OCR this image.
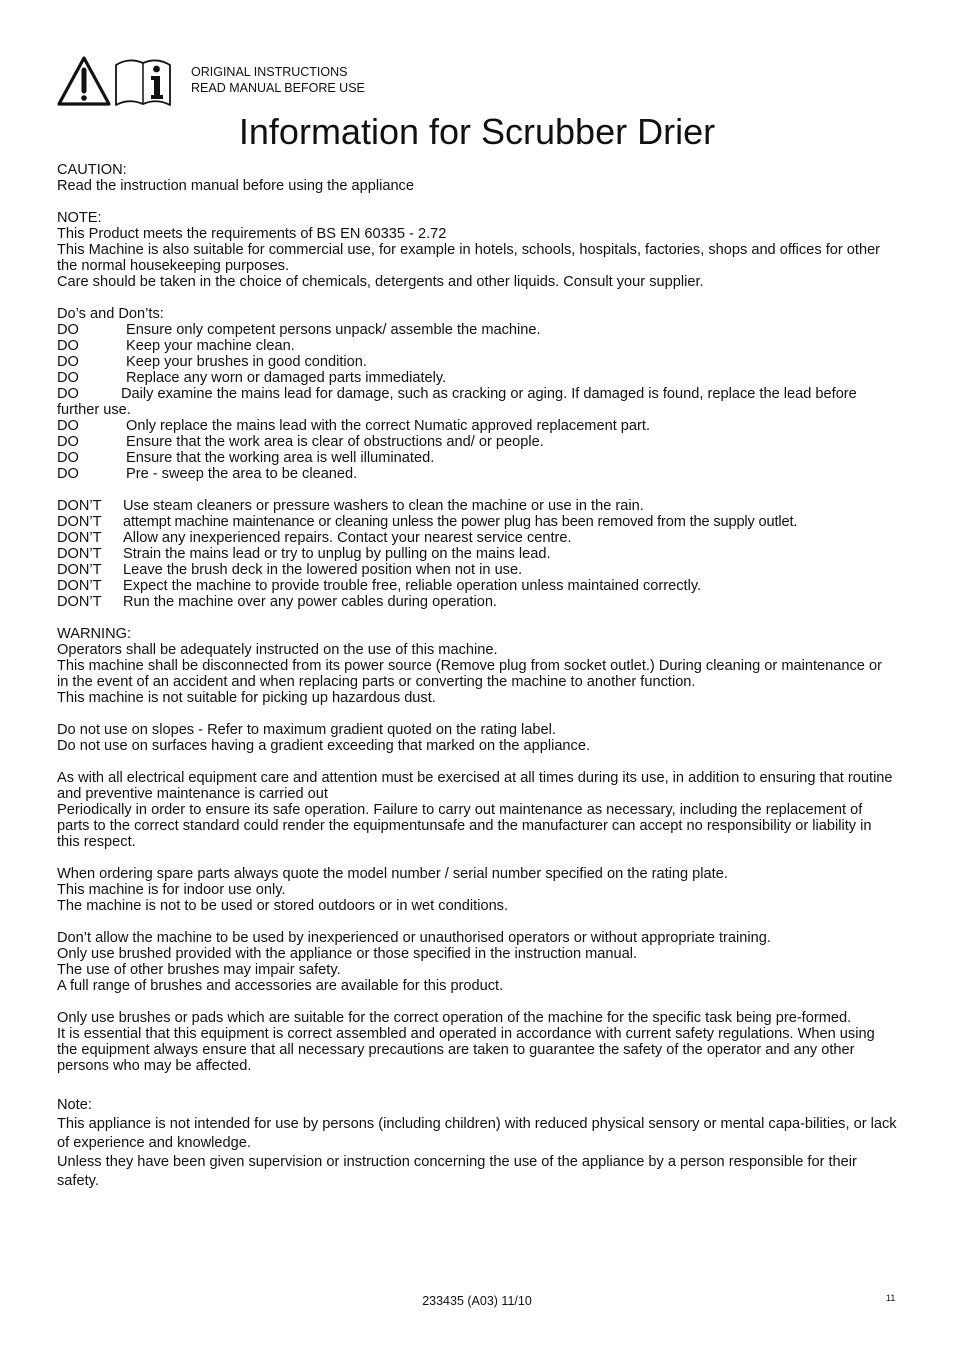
ORIGINAL INSTRUCTIONS
READ MANUAL BEFORE USE
Information for Scrubber Drier

CAUTION:

Read the instruction manual before using the appliance

NOTE:

This Product meets the requirements of BS EN 60335 - 2.72

This Machine is also suitable for commercial use, for example in hotels, schools, hospitals, factories, shops and offices for other the normal housekeeping purposes.

Care should be taken in the choice of chemicals, detergents and other liquids. Consult your supplier.

Do’s and Don’ts:

DO	Ensure only competent persons unpack/ assemble the machine.
DO	Keep your machine clean.
DO	Keep your brushes in good condition.
DO	Replace any worn or damaged parts immediately.

DO	Daily examine the mains lead for damage, such as cracking or aging. If damaged is found, replace the lead before further use.

DO	Only replace the mains lead with the correct Numatic approved replacement part.
DO	Ensure that the work area is clear of obstructions and/ or people.
DO	Ensure that the working area is well illuminated.
DO	Pre - sweep the area to be cleaned.
DON’T	Use steam cleaners or pressure washers to clean the machine or use in the rain.
DON’T	attempt machine maintenance or cleaning unless the power plug has been removed from the supply outlet.
DON’T	Allow any inexperienced repairs. Contact your nearest service centre.
DON’T	Strain the mains lead or try to unplug by pulling on the mains lead.
DON’T	Leave the brush deck in the lowered position when not in use.
DON’T	Expect the machine to provide trouble free, reliable operation unless maintained correctly.
DON’T	Run the machine over any power cables during operation.

WARNING:

Operators shall be adequately instructed on the use of this machine.

This machine shall be disconnected from its power source (Remove plug from socket outlet.) During cleaning or maintenance or in the event of an accident and when replacing parts or converting the machine to another function.

This machine is not suitable for picking up hazardous dust.

Do not use on slopes - Refer to maximum gradient quoted on the rating label.

Do not use on surfaces having a gradient exceeding that marked on the appliance.

As with all electrical equipment care and attention must be exercised at all times during its use, in addition to ensuring that routine and preventive maintenance is carried out

Periodically in order to ensure its safe operation. Failure to carry out maintenance as necessary, including the replacement of parts to the correct standard could render the equipmentunsafe and the manufacturer can accept no responsibility or liability in this respect.

When ordering spare parts always quote the model number / serial number specified on the rating plate.

This machine is for indoor use only.

The machine is not to be used or stored outdoors or in wet conditions.

Don’t allow the machine to be used by inexperienced or unauthorised operators or without appropriate training.

Only use brushed provided with the appliance or those specified in the instruction manual.

The use of other brushes may impair safety.

A full range of brushes and accessories are available for this product.

Only use brushes or pads which are suitable for the correct operation of the machine for the specific task being pre-formed.

It is essential that this equipment is correct assembled and operated in accordance with current safety regulations. When using the equipment always ensure that all necessary precautions are taken to guarantee the safety of the operator and any other persons who may be affected.

Note:

This appliance is not intended for use by persons (including children) with reduced physical sensory or mental capa-bilities, or lack of experience and knowledge.

Unless they have been given supervision or instruction concerning the use of the appliance by a person responsible for their safety.

233435 (A03) 11/10	11
